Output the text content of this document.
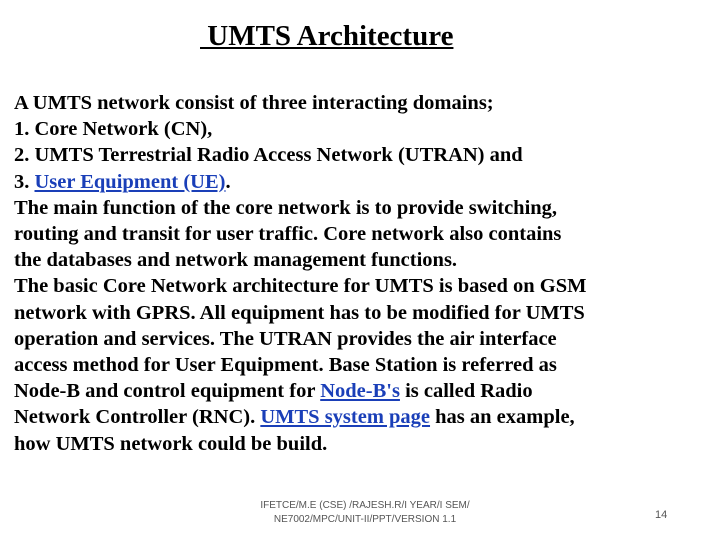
UMTS Architecture
A UMTS network consist of three interacting domains;
1. Core Network (CN),
2. UMTS Terrestrial Radio Access Network (UTRAN) and
3. User Equipment (UE).
The main function of the core network is to provide switching,
routing and transit for user traffic. Core network also contains
the databases and network management functions.
The basic Core Network architecture for UMTS is based on GSM
network with GPRS. All equipment has to be modified for UMTS
operation and services. The UTRAN provides the air interface
access method for User Equipment. Base Station is referred as
Node-B and control equipment for Node-B's is called Radio
Network Controller (RNC). UMTS system page has an example,
how UMTS network could be build.
IFETCE/M.E (CSE) /RAJESH.R/I YEAR/I SEM/
NE7002/MPC/UNIT-II/PPT/VERSION 1.1	14
